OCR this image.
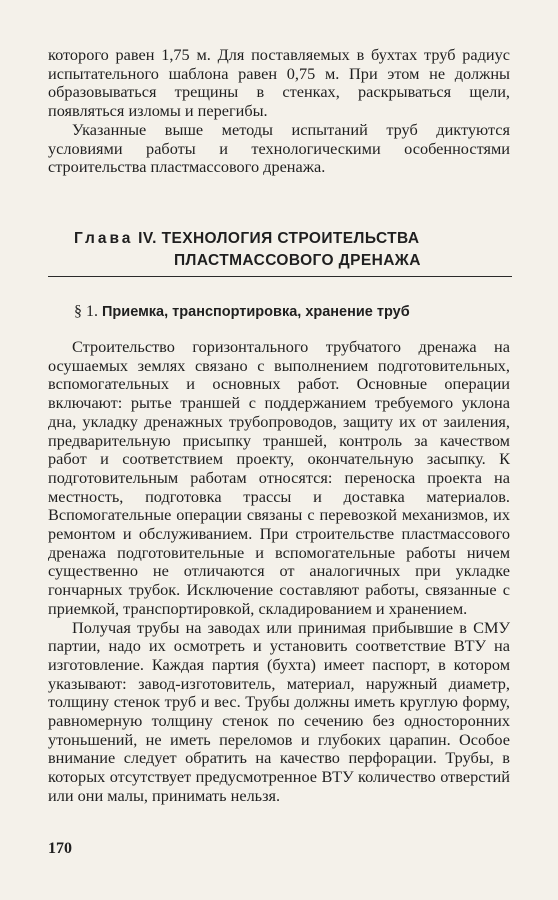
которого равен 1,75 м. Для поставляемых в бухтах труб радиус испытательного шаблона равен 0,75 м. При этом не должны образовываться трещины в стенках, раскрываться щели, появляться изломы и перегибы.

Указанные выше методы испытаний труб диктуются условиями работы и технологическими особенностями строительства пластмассового дренажа.

Глава IV. ТЕХНОЛОГИЯ СТРОИТЕЛЬСТВА
ПЛАСТМАССОВОГО ДРЕНАЖА
§ 1. Приемка, транспортировка, хранение труб

Строительство горизонтального трубчатого дренажа на осушаемых землях связано с выполнением подготовительных, вспомогательных и основных работ. Основные операции включают: рытье траншей с поддержанием требуемого уклона дна, укладку дренажных трубопроводов, защиту их от заиления, предварительную присыпку траншей, контроль за качеством работ и соответствием проекту, окончательную засыпку. К подготовительным работам относятся: переноска проекта на местность, подготовка трассы и доставка материалов. Вспомогательные операции связаны с перевозкой механизмов, их ремонтом и обслуживанием. При строительстве пластмассового дренажа подготовительные и вспомогательные работы ничем существенно не отличаются от аналогичных при укладке гончарных трубок. Исключение составляют работы, связанные с приемкой, транспортировкой, складированием и хранением.

Получая трубы на заводах или принимая прибывшие в СМУ партии, надо их осмотреть и установить соответствие ВТУ на изготовление. Каждая партия (бухта) имеет паспорт, в котором указывают: завод-изготовитель, материал, наружный диаметр, толщину стенок труб и вес. Трубы должны иметь круглую форму, равномерную толщину стенок по сечению без односторонних утоньшений, не иметь переломов и глубоких царапин. Особое внимание следует обратить на качество перфорации. Трубы, в которых отсутствует предусмотренное ВТУ количество отверстий или они малы, принимать нельзя.

170
